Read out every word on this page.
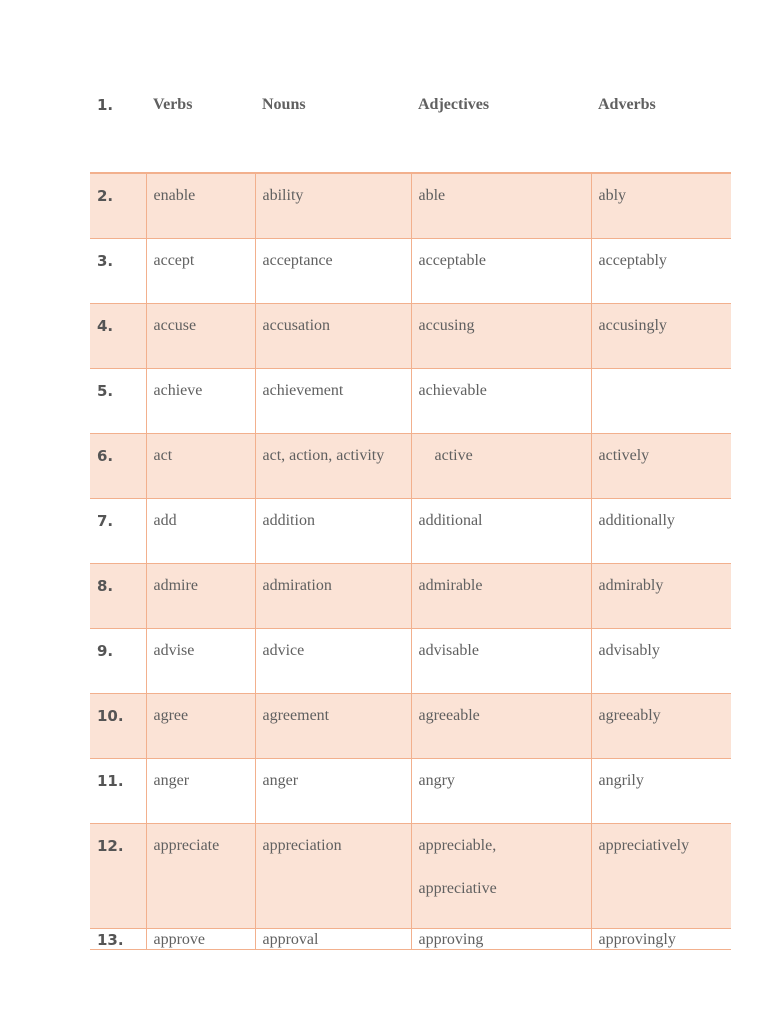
1.	Verbs	Nouns	Adjectives	Adverbs
2.	enable	ability	able	ably
3.	accept	acceptance	acceptable	acceptably
4.	accuse	accusation	accusing	accusingly
5.	achieve	achievement	achievable	
6.	act	act, action, activity	active	actively
7.	add	addition	additional	additionally
8.	admire	admiration	admirable	admirably
9.	advise	advice	advisable	advisably
10.	agree	agreement	agreeable	agreeably
11.	anger	anger	angry	angrily
12.	appreciate	appreciation	appreciable,
appreciative	appreciatively
13.	approve	approval	approving	approvingly
